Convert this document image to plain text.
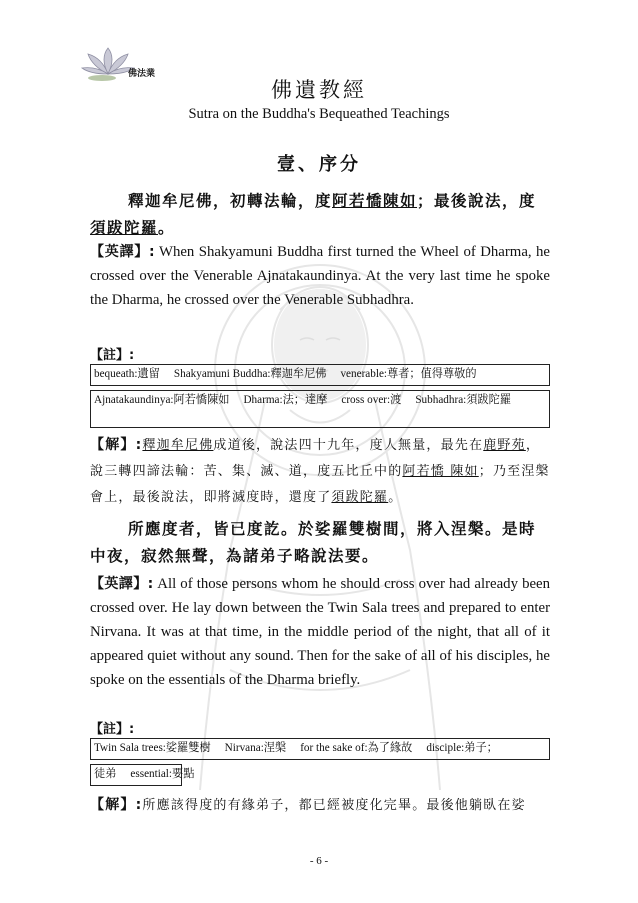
佛法業
佛遺教經
Sutra on the Buddha's Bequeathed Teachings
壹、序分
釋迦牟尼佛，初轉法輪，度阿若憍陳如；最後說法，度須跋陀羅。
【英譯】: When Shakyamuni Buddha first turned the Wheel of Dharma, he crossed over the Venerable Ajnatakaundinya. At the very last time he spoke the Dharma, he crossed over the Venerable Subhadhra.
【註】:
bequeath:遺留 Shakyamuni Buddha:釋迦牟尼佛 venerable:尊者；值得尊敬的
Ajnatakaundinya:阿若憍陳如 Dharma:法；達摩 cross over:渡 Subhadhra:須跋陀羅
【解】:釋迦牟尼佛成道後，說法四十九年，度人無量，最先在鹿野苑，說三轉四諦法輪：苦、集、滅、道，度五比丘中的阿若憍 陳如；乃至涅槃會上，最後說法，即將滅度時，還度了須跋陀羅。
所應度者，皆已度訖。於娑羅雙樹間，將入涅槃。是時中夜，寂然無聲，為諸弟子略說法要。
【英譯】: All of those persons whom he should cross over had already been crossed over. He lay down between the Twin Sala trees and prepared to enter Nirvana. It was at that time, in the middle period of the night, that all of it appeared quiet without any sound. Then for the sake of all of his disciples, he spoke on the essentials of the Dharma briefly.
【註】:
Twin Sala trees:娑羅雙樹 Nirvana:涅槃 for the sake of:為了緣故 disciple:弟子；
徒弟 essential:要點
【解】:所應該得度的有緣弟子，都已經被度化完畢。最後他躺臥在娑
- 6 -
